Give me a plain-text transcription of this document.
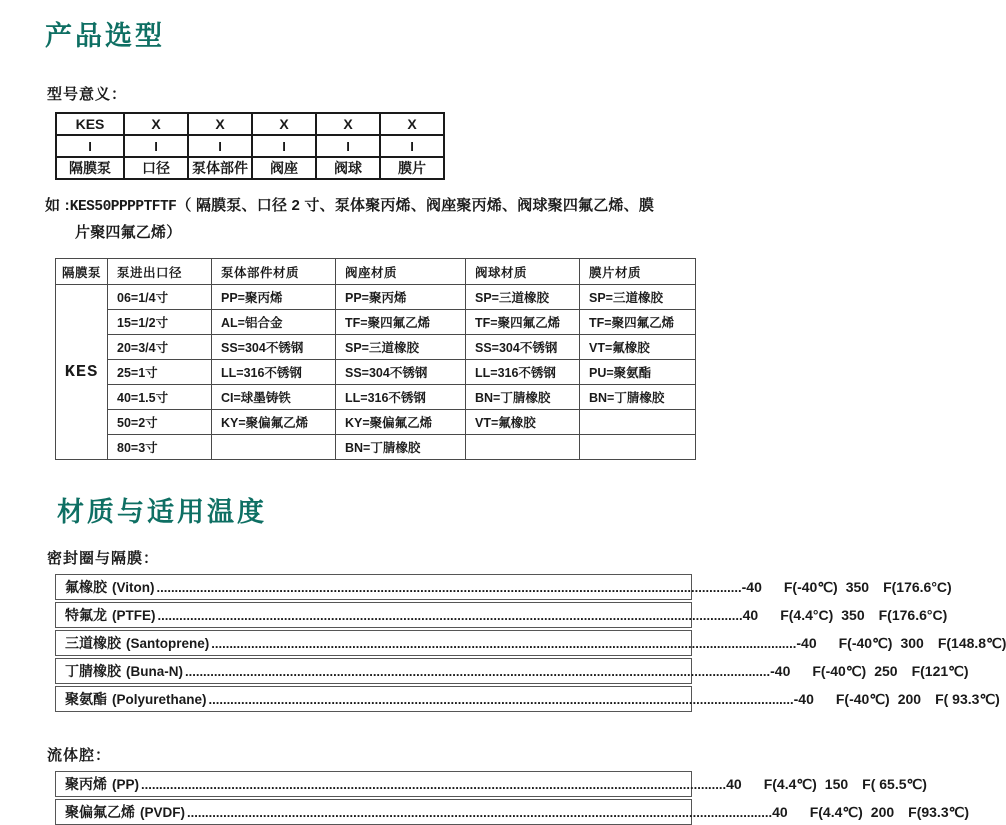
产品选型
型号意义：
KES	X	X	X	X	X
I	I	I	I	I	I
隔膜泵	口径	泵体部件	阀座	阀球	膜片
如 :KES50PPPPTFTF（ 隔膜泵、口径 2 寸、泵体聚丙烯、阀座聚丙烯、阀球聚四氟乙烯、膜
片聚四氟乙烯）
隔膜泵	泵进出口径	泵体部件材质	阀座材质	阀球材质	膜片材质
KES	06=1/4寸	PP=聚丙烯	PP=聚丙烯	SP=三道橡胶	SP=三道橡胶
	15=1/2寸	AL=铝合金	TF=聚四氟乙烯	TF=聚四氟乙烯	TF=聚四氟乙烯
	20=3/4寸	SS=304不锈钢	SP=三道橡胶	SS=304不锈钢	VT=氟橡胶
	25=1寸	LL=316不锈钢	SS=304不锈钢	LL=316不锈钢	PU=聚氨酯
	40=1.5寸	CI=球墨铸铁	LL=316不锈钢	BN=丁腈橡胶	BN=丁腈橡胶
	50=2寸	KY=聚偏氟乙烯	KY=聚偏氟乙烯	VT=氟橡胶	
	80=3寸		BN=丁腈橡胶		
材质与适用温度
密封圈与隔膜：
氟橡胶 (Viton) .....	-40 F(-40 ℃) 350 F(176.6 °C)
特氟龙 (PTFE) .....	40 F(4.4 °C) 350 F(176.6 °C)
三道橡胶 (Santoprene) .....	-40 F(-40 ℃) 300 F(148.8 ℃)
丁腈橡胶 (Buna-N) .....	-40 F(-40 ℃) 250 F(121 ℃)
聚氨酯 (Polyurethane) .....	-40 F(-40 ℃) 200 F( 93.3 ℃)
流体腔：
聚丙烯 (PP) .....	40 F(4.4 ℃) 150 F( 65.5 ℃)
聚偏氟乙烯 (PVDF) .....	40 F(4.4 ℃) 200 F(93.3 ℃)
